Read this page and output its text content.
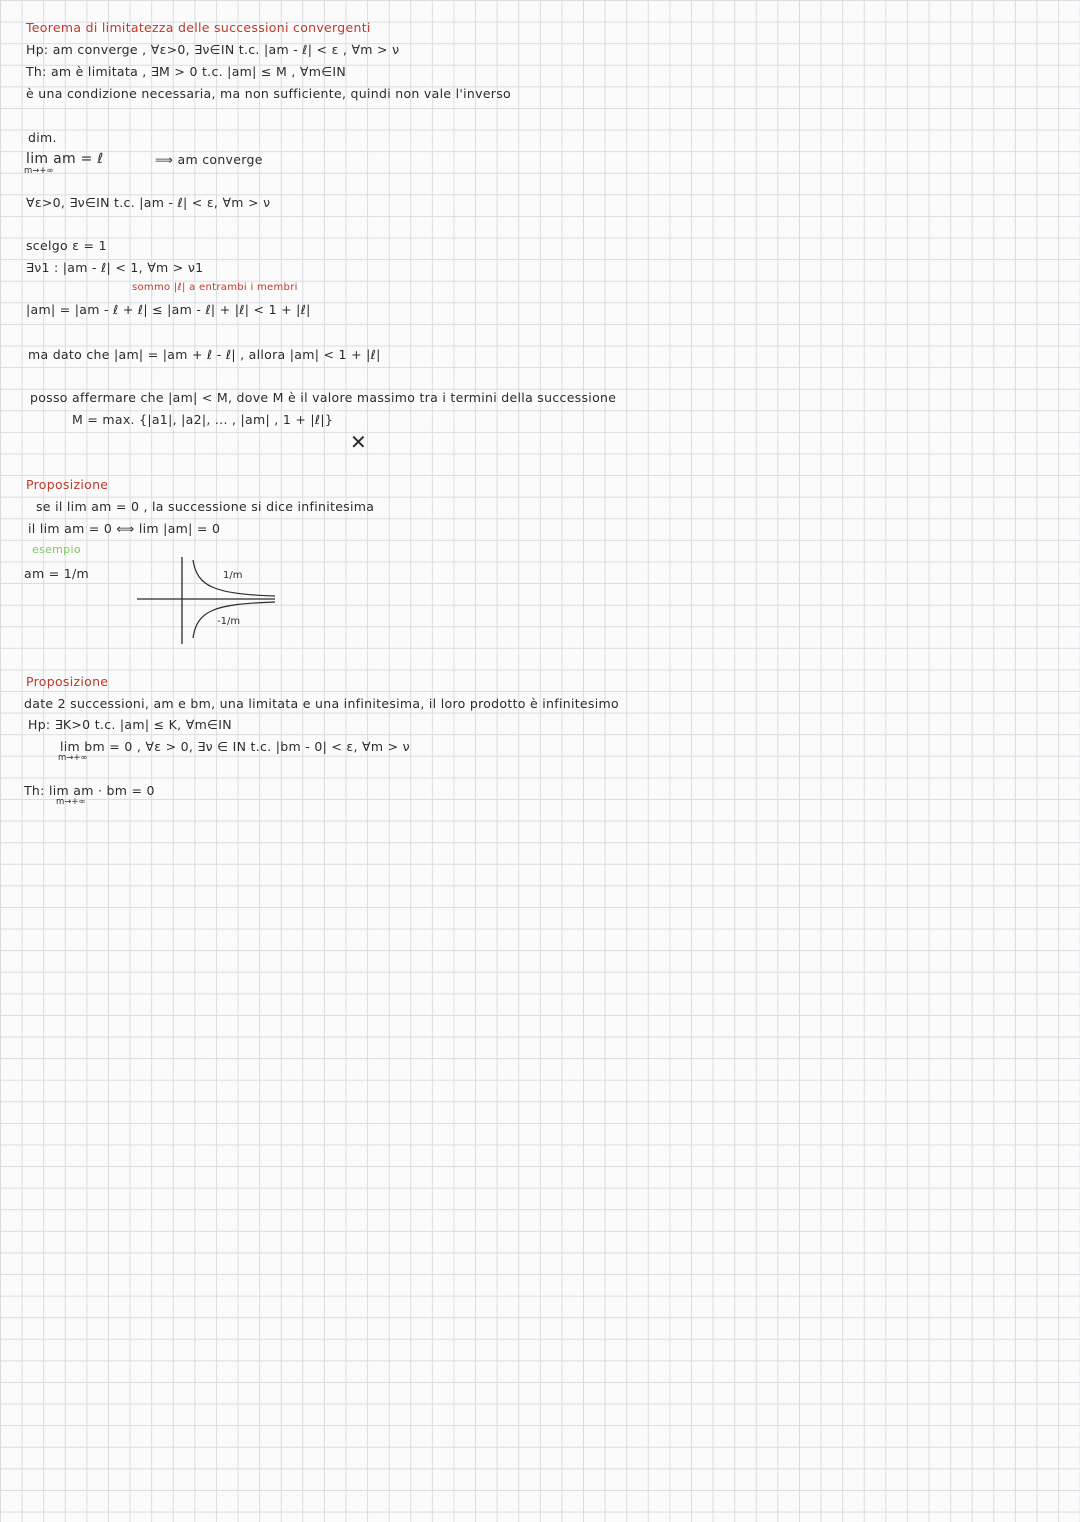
Teorema di limitatezza delle successioni convergenti
Hp: am converge , ∀ε>0, ∃ν∈IN t.c. |am - ℓ| < ε , ∀m > ν
Th: am è limitata , ∃M > 0 t.c. |am| ≤ M , ∀m∈IN
è una condizione necessaria, ma non sufficiente, quindi non vale l'inverso
dim.
lim am = ℓ
m→+∞
⟹ am converge
∀ε>0, ∃ν∈IN t.c. |am - ℓ| < ε, ∀m > ν
scelgo ε = 1
∃ν1 : |am - ℓ| < 1, ∀m > ν1
sommo |ℓ| a entrambi i membri
|am| = |am - ℓ + ℓ| ≤ |am - ℓ| + |ℓ| < 1 + |ℓ|
ma dato che |am| = |am + ℓ - ℓ| , allora |am| < 1 + |ℓ|
posso affermare che |am| < M, dove M è il valore massimo tra i termini della successione
M = max. {|a1|, |a2|, ... , |am| , 1 + |ℓ|}
✕
Proposizione
se il lim am = 0 , la successione si dice infinitesima
il lim am = 0 ⟺ lim |am| = 0
esempio
am = 1/m	1/m
-1/m
Proposizione
date 2 successioni, am e bm, una limitata e una infinitesima, il loro prodotto è infinitesimo
Hp: ∃K>0 t.c. |am| ≤ K, ∀m∈IN
lim bm = 0 , ∀ε > 0, ∃ν ∈ IN t.c. |bm - 0| < ε, ∀m > ν
m→+∞
Th: lim am · bm = 0
m→+∞
